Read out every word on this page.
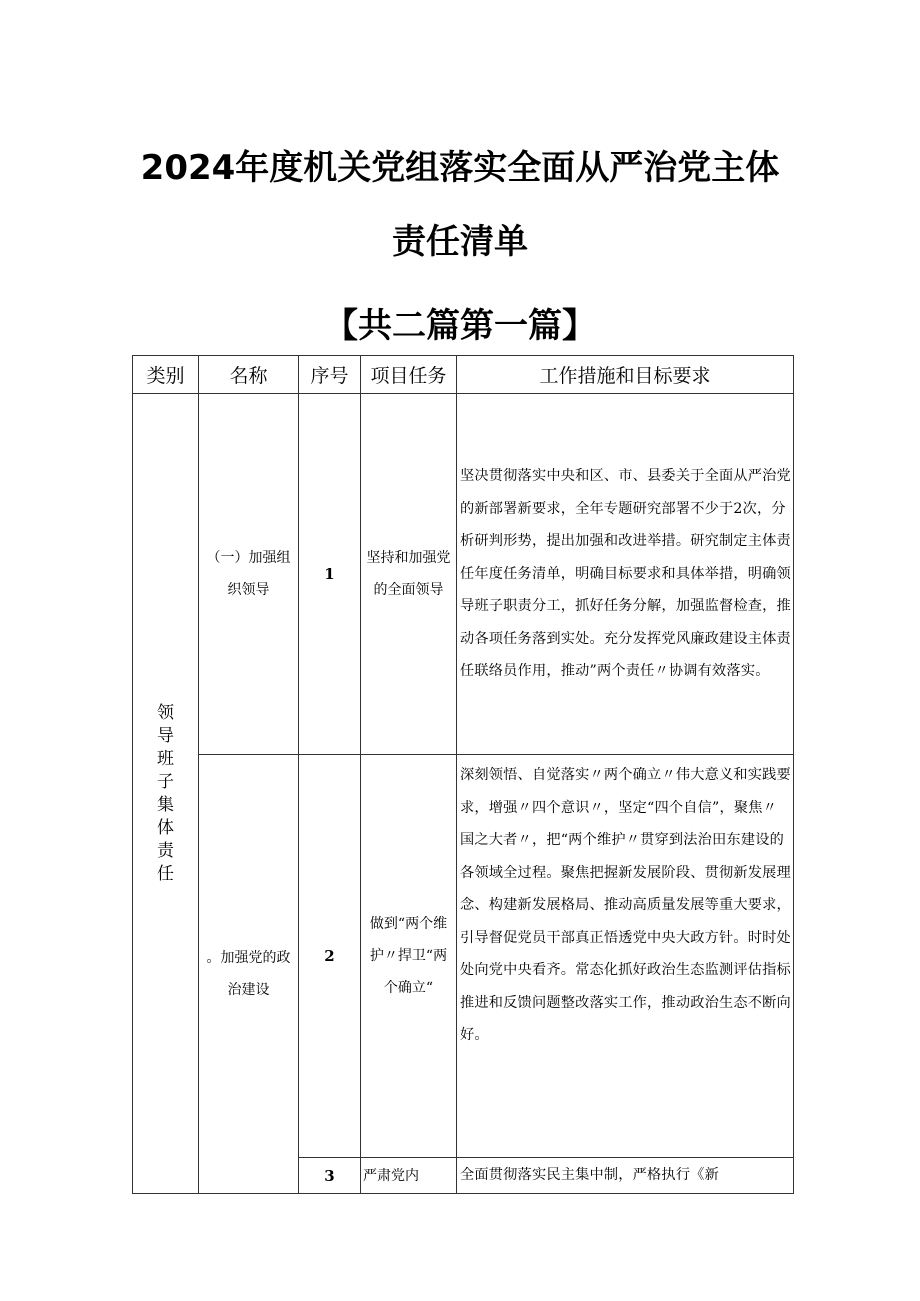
2024年度机关党组落实全面从严治党主体
责任清单
【共二篇第一篇】
类别	名称	序号	项目任务	工作措施和目标要求
领导班子集体责任	（一）加强组织领导	1	坚持和加强党的全面领导	坚决贯彻落实中央和区、市、县委关于全面从严治党的新部署新要求，全年专题研究部署不少于2次，分析研判形势，提出加强和改进举措。研究制定主体责任年度任务清单，明确目标要求和具体举措，明确领导班子职责分工，抓好任务分解，加强监督检查，推动各项任务落到实处。充分发挥党风廉政建设主体责任联络员作用，推动”两个责任〃协调有效落实。
	。加强党的政治建设	2	做到“两个维护〃捍卫“两个确立“	深刻领悟、自觉落实〃两个确立〃伟大意义和实践要求，增强〃四个意识〃，坚定“四个自信”，聚焦〃国之大者〃，把“两个维护〃贯穿到法治田东建设的各领域全过程。聚焦把握新发展阶段、贯彻新发展理念、构建新发展格局、推动高质量发展等重大要求，引导督促党员干部真正悟透党中央大政方针。时时处处向党中央看齐。常态化抓好政治生态监测评估指标推进和反馈问题整改落实工作，推动政治生态不断向好。
		3	严肃党内	全面贯彻落实民主集中制，严格执行《新
